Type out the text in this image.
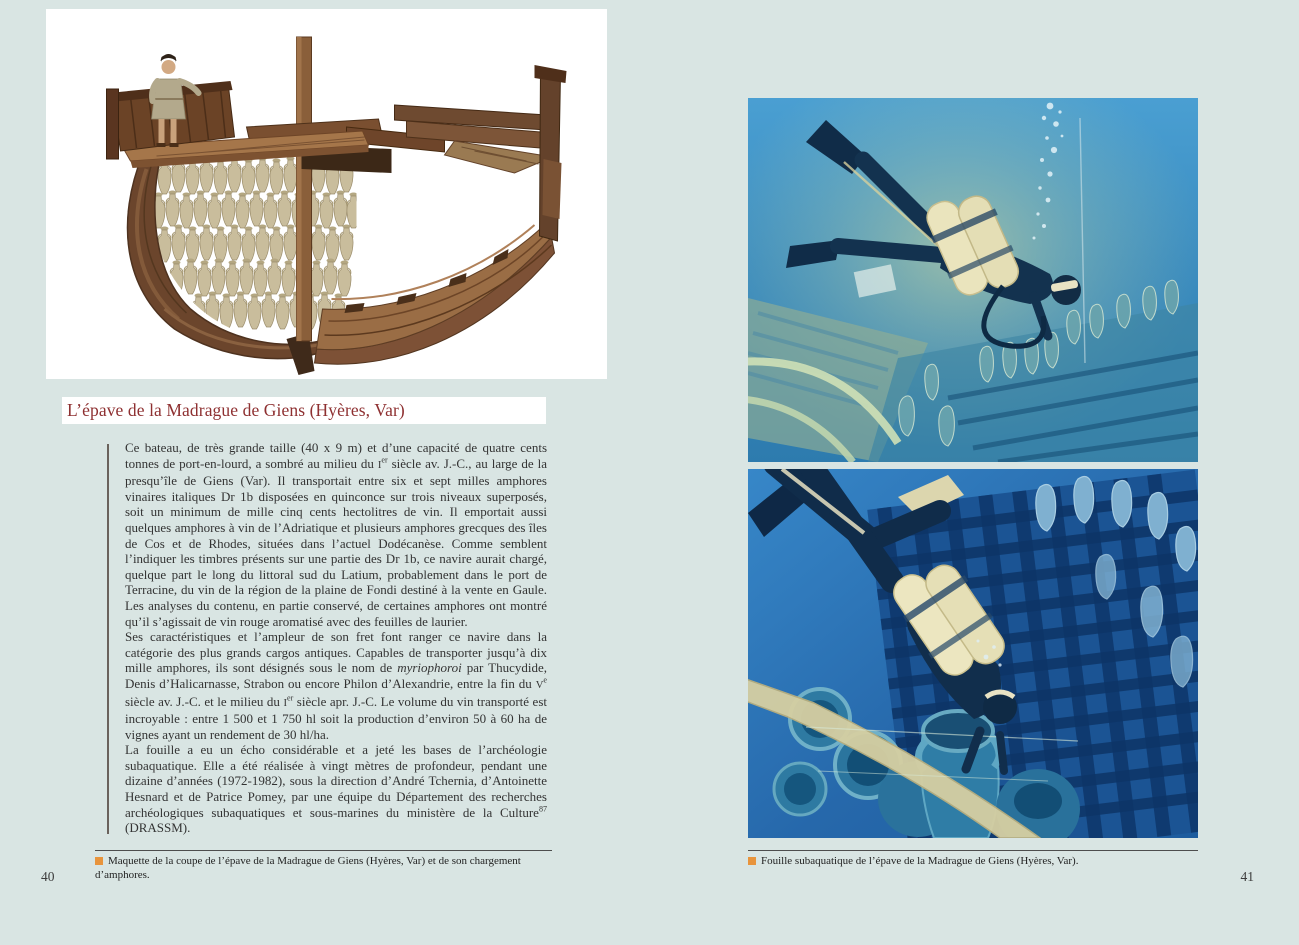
L’épave de la Madrague de Giens (Hyères, Var)

Ce bateau, de très grande taille (40 x 9 m) et d’une capacité de quatre cents tonnes de port-en-lourd, a sombré au milieu du Ier siècle av. J.-C., au large de la presqu’île de Giens (Var). Il transportait entre six et sept milles amphores vinaires italiques Dr 1b disposées en quinconce sur trois niveaux superposés, soit un minimum de mille cinq cents hectolitres de vin. Il emportait aussi quelques amphores à vin de l’Adriatique et plusieurs amphores grecques des îles de Cos et de Rhodes, situées dans l’actuel Dodécanèse. Comme semblent l’indiquer les timbres présents sur une partie des Dr 1b, ce navire aurait chargé, quelque part le long du littoral sud du Latium, probablement dans le port de Terracine, du vin de la région de la plaine de Fondi destiné à la vente en Gaule. Les analyses du contenu, en partie conservé, de certaines amphores ont montré qu’il s’agissait de vin rouge aromatisé avec des feuilles de laurier.

Ses caractéristiques et l’ampleur de son fret font ranger ce navire dans la catégorie des plus grands cargos antiques. Capables de transporter jusqu’à dix mille amphores, ils sont désignés sous le nom de myriophoroi par Thucydide, Denis d’Halicarnasse, Strabon ou encore Philon d’Alexandrie, entre la fin du Ve siècle av. J.-C. et le milieu du Ier siècle apr. J.-C. Le volume du vin transporté est incroyable : entre 1 500 et 1 750 hl soit la production d’environ 50 à 60 ha de vignes ayant un rendement de 30 hl/ha.

La fouille a eu un écho considérable et a jeté les bases de l’archéologie subaquatique. Elle a été réalisée à vingt mètres de profondeur, pendant une dizaine d’années (1972-1982), sous la direction d’André Tchernia, d’Antoinette Hesnard et de Patrice Pomey, par une équipe du Département des recherches archéologiques subaquatiques et sous-marines du ministère de la Culture$^{87}$ (DRASSM).

Maquette de la coupe de l’épave de la Madrague de Giens (Hyères, Var) et de son chargement d’amphores.
40
Fouille subaquatique de l’épave de la Madrague de Giens (Hyères, Var).
41
